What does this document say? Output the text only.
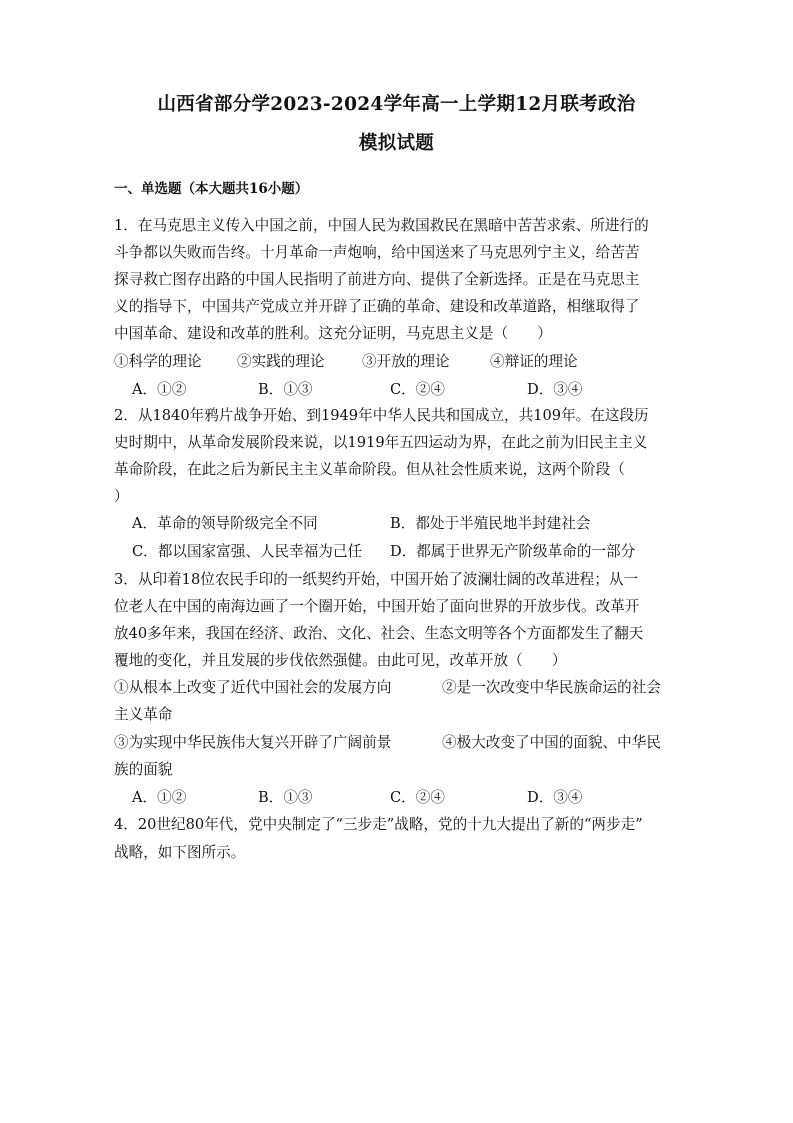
山西省部分学2023-2024学年高一上学期12月联考政治
模拟试题
一、单选题（本大题共16小题）
1．在马克思主义传入中国之前，中国人民为救国救民在黑暗中苦苦求索、所进行的
斗争都以失败而告终。十月革命一声炮响，给中国送来了马克思列宁主义，给苦苦
探寻救亡图存出路的中国人民指明了前进方向、提供了全新选择。正是在马克思主
义的指导下，中国共产党成立并开辟了正确的革命、建设和改革道路，相继取得了
中国革命、建设和改革的胜利。这充分证明，马克思主义是（　　）
①科学的理论 ②实践的理论	③开放的理论	④辩证的理论
A．①②	B．①③	C．②④	D．③④
2．从1840年鸦片战争开始、到1949年中华人民共和国成立，共109年。在这段历
史时期中，从革命发展阶段来说，以1919年五四运动为界，在此之前为旧民主主义
革命阶段，在此之后为新民主主义革命阶段。但从社会性质来说，这两个阶段（
）
A．革命的领导阶级完全不同	B．都处于半殖民地半封建社会
C．都以国家富强、人民幸福为己任 D．都属于世界无产阶级革命的一部分
3．从印着18位农民手印的一纸契约开始，中国开始了波澜壮阔的改革进程；从一
位老人在中国的南海边画了一个圈开始，中国开始了面向世界的开放步伐。改革开
放40多年来，我国在经济、政治、文化、社会、生态文明等各个方面都发生了翻天
覆地的变化，并且发展的步伐依然强健。由此可见，改革开放（　　）
①从根本上改变了近代中国社会的发展方向	②是一次改变中华民族命运的社会
主义革命
③为实现中华民族伟大复兴开辟了广阔前景	④极大改变了中国的面貌、中华民
族的面貌
A．①②	B．①③	C．②④	D．③④
4．20世纪80年代，党中央制定了“三步走”战略，党的十九大提出了新的“两步走”
战略，如下图所示。
